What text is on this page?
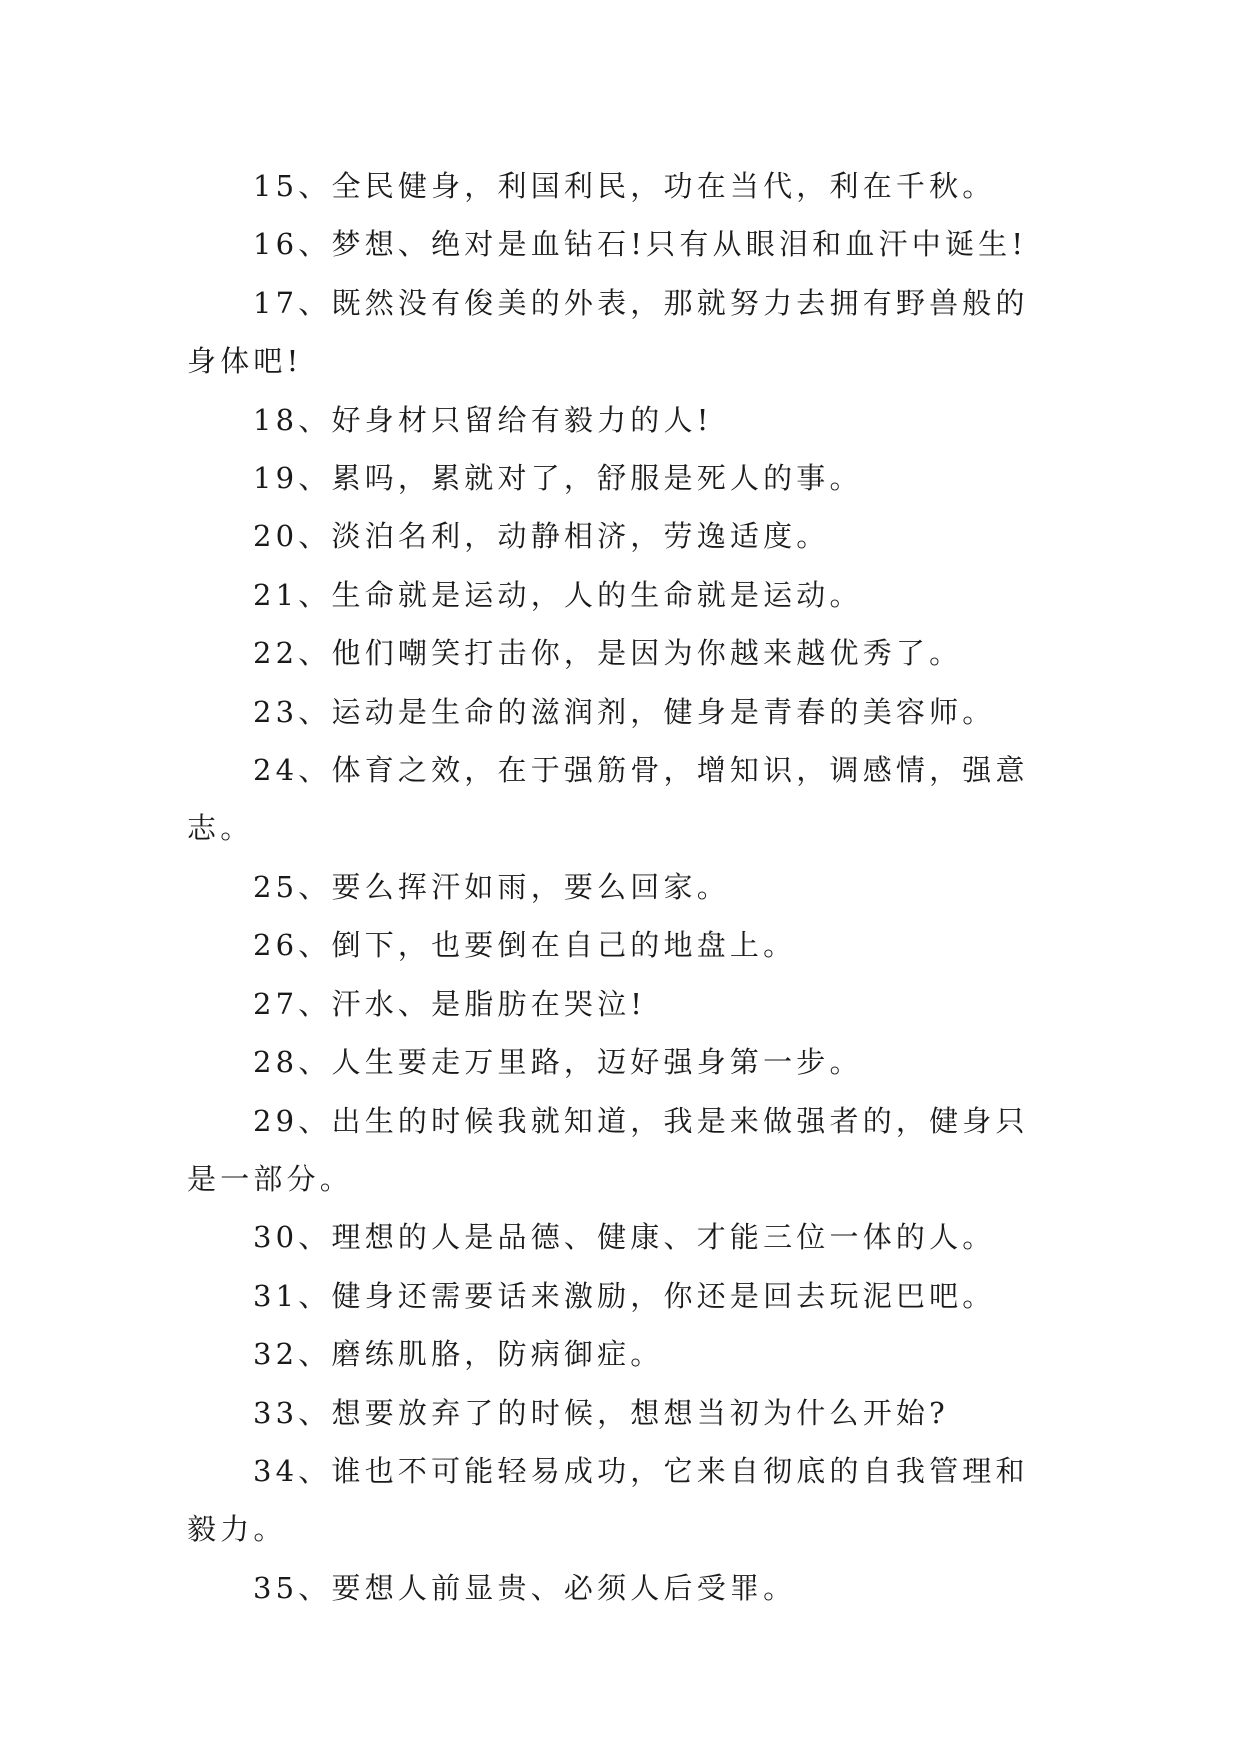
15、全民健身，利国利民，功在当代，利在千秋。

16、梦想、绝对是血钻石!只有从眼泪和血汗中诞生!

17、既然没有俊美的外表，那就努力去拥有野兽般的身体吧!

18、好身材只留给有毅力的人!

19、累吗，累就对了，舒服是死人的事。

20、淡泊名利，动静相济，劳逸适度。

21、生命就是运动，人的生命就是运动。

22、他们嘲笑打击你，是因为你越来越优秀了。

23、运动是生命的滋润剂，健身是青春的美容师。

24、体育之效，在于强筋骨，增知识，调感情，强意志。

25、要么挥汗如雨，要么回家。

26、倒下，也要倒在自己的地盘上。

27、汗水、是脂肪在哭泣!

28、人生要走万里路，迈好强身第一步。

29、出生的时候我就知道，我是来做强者的，健身只是一部分。

30、理想的人是品德、健康、才能三位一体的人。

31、健身还需要话来激励，你还是回去玩泥巴吧。

32、磨练肌胳，防病御症。

33、想要放弃了的时候，想想当初为什么开始?

34、谁也不可能轻易成功，它来自彻底的自我管理和毅力。

35、要想人前显贵、必须人后受罪。
